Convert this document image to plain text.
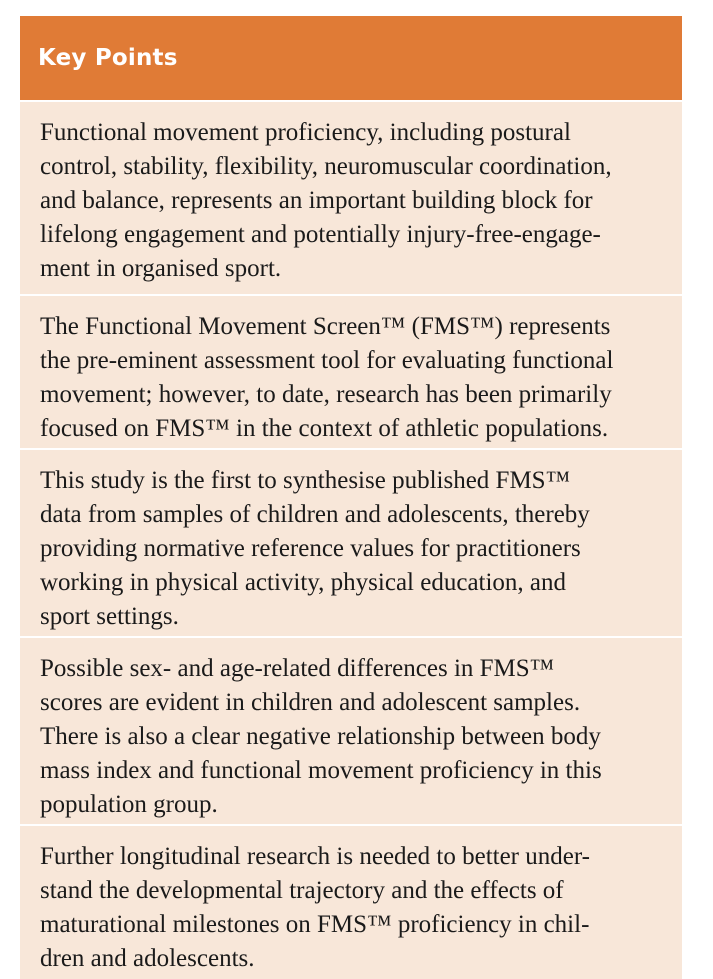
Key Points
Functional movement proficiency, including postural
control, stability, flexibility, neuromuscular coordination,
and balance, represents an important building block for
lifelong engagement and potentially injury-free-engage-
ment in organised sport.
The Functional Movement Screen™ (FMS™) represents
the pre-eminent assessment tool for evaluating functional
movement; however, to date, research has been primarily
focused on FMS™ in the context of athletic populations.
This study is the first to synthesise published FMS™
data from samples of children and adolescents, thereby
providing normative reference values for practitioners
working in physical activity, physical education, and
sport settings.
Possible sex- and age-related differences in FMS™
scores are evident in children and adolescent samples.
There is also a clear negative relationship between body
mass index and functional movement proficiency in this
population group.
Further longitudinal research is needed to better under-
stand the developmental trajectory and the effects of
maturational milestones on FMS™ proficiency in chil-
dren and adolescents.
